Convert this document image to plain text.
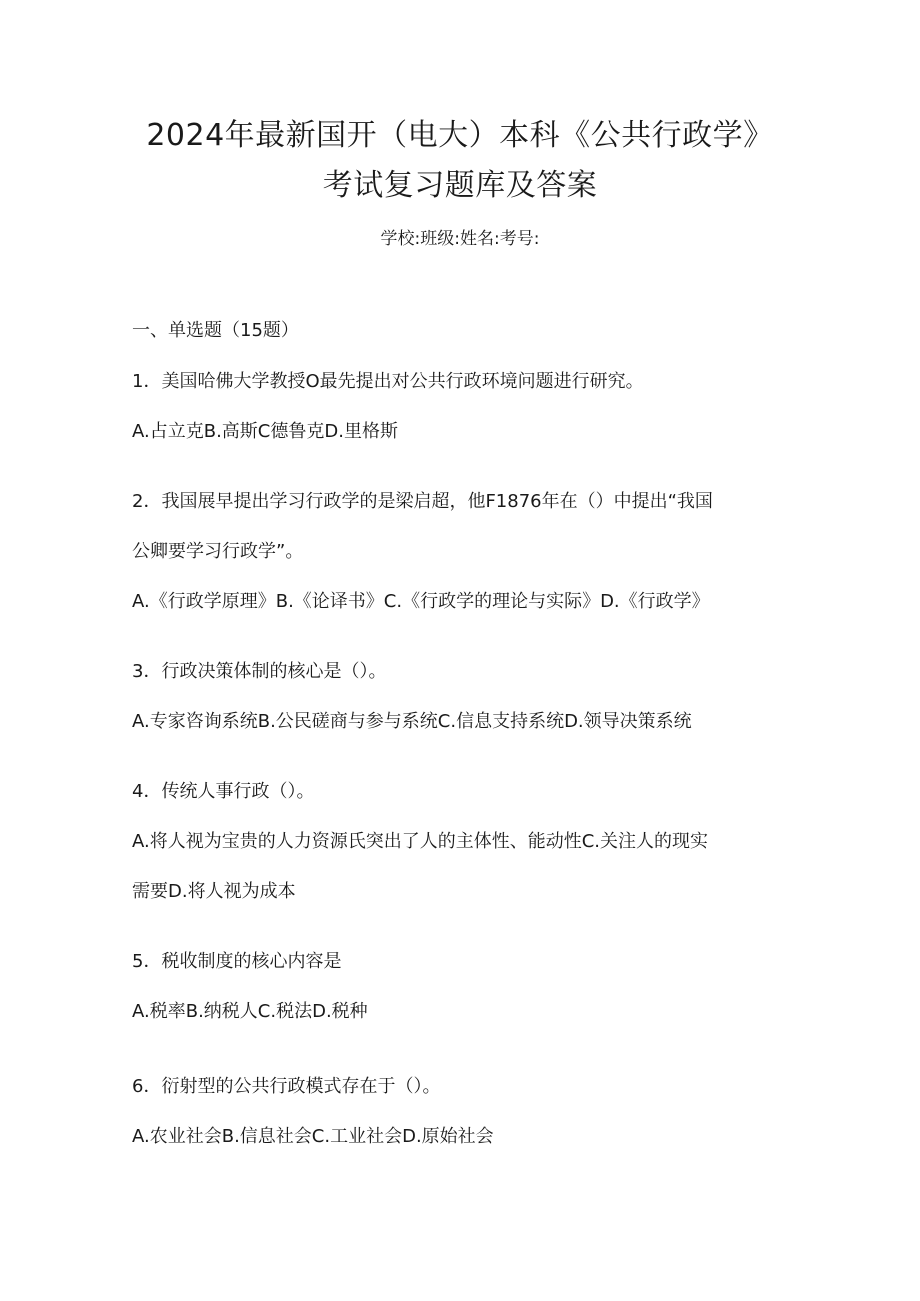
2024年最新国开（电大）本科《公共行政学》
考试复习题库及答案
学校:班级:姓名:考号:
一、单选题（15题）
1．美国哈佛大学教授O最先提出对公共行政环境问题进行研究。
A.占立克B.高斯C德鲁克D.里格斯
2．我国展早提出学习行政学的是梁启超，他F1876年在（）中提出“我国
公卿要学习行政学”。
A.《行政学原理》B.《论译书》C.《行政学的理论与实际》D.《行政学》
3．行政决策体制的核心是（）。
A.专家咨询系统B.公民磋商与参与系统C.信息支持系统D.领导决策系统
4．传统人事行政（）。
A.将人视为宝贵的人力资源氏突出了人的主体性、能动性C.关注人的现实
需要D.将人视为成本
5．税收制度的核心内容是
A.税率B.纳税人C.税法D.税种
6．衍射型的公共行政模式存在于（）。
A.农业社会B.信息社会C.工业社会D.原始社会
